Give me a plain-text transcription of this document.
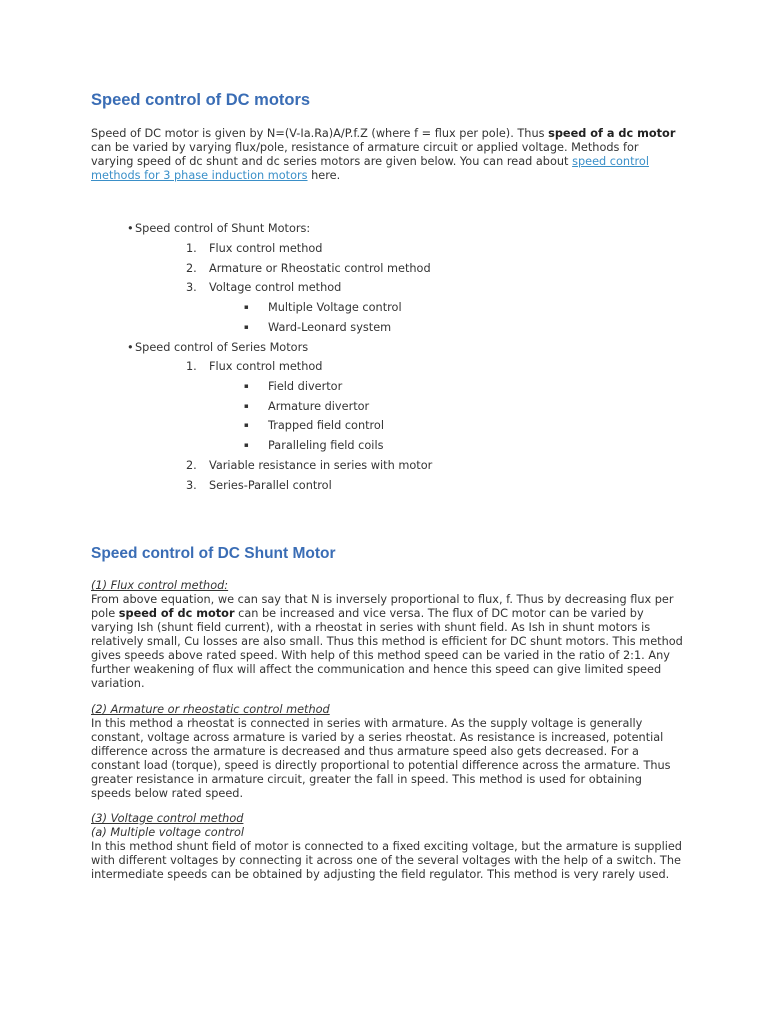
Speed control of DC motors

Speed of DC motor is given by N=(V-Ia.Ra)A/P.f.Z (where f = flux per pole). Thus speed of a dc motor can be varied by varying flux/pole, resistance of armature circuit or applied voltage. Methods for varying speed of dc shunt and dc series motors are given below. You can read about speed control methods for 3 phase induction motors here.

• Speed control of Shunt Motors:
1. Flux control method
2. Armature or Rheostatic control method
3. Voltage control method
▪ Multiple Voltage control
▪ Ward-Leonard system
• Speed control of Series Motors
1. Flux control method
▪ Field divertor
▪ Armature divertor
▪ Trapped field control
▪ Paralleling field coils
2. Variable resistance in series with motor
3. Series-Parallel control
Speed control of DC Shunt Motor
(1) Flux control method:
From above equation, we can say that N is inversely proportional to flux, f. Thus by decreasing flux per pole speed of dc motor can be increased and vice versa. The flux of DC motor can be varied by varying Ish (shunt field current), with a rheostat in series with shunt field. As Ish in shunt motors is relatively small, Cu losses are also small. Thus this method is efficient for DC shunt motors. This method gives speeds above rated speed. With help of this method speed can be varied in the ratio of 2:1. Any further weakening of flux will affect the communication and hence this speed can give limited speed variation.
(2) Armature or rheostatic control method
In this method a rheostat is connected in series with armature. As the supply voltage is generally constant, voltage across armature is varied by a series rheostat. As resistance is increased, potential difference across the armature is decreased and thus armature speed also gets decreased. For a constant load (torque), speed is directly proportional to potential difference across the armature. Thus greater resistance in armature circuit, greater the fall in speed. This method is used for obtaining speeds below rated speed.
(3) Voltage control method
(a) Multiple voltage control
In this method shunt field of motor is connected to a fixed exciting voltage, but the armature is supplied with different voltages by connecting it across one of the several voltages with the help of a switch. The intermediate speeds can be obtained by adjusting the field regulator. This method is very rarely used.
